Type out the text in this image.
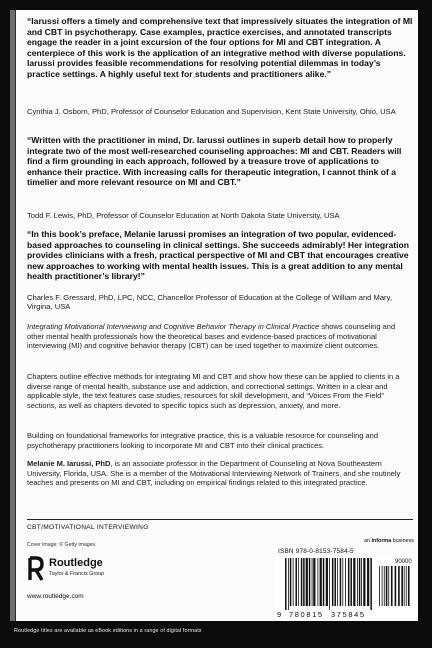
“Iarussi offers a timely and comprehensive text that impressively situates the integration of MI and CBT in psychotherapy. Case examples, practice exercises, and annotated transcripts engage the reader in a joint excursion of the four options for MI and CBT integration. A centerpiece of this work is the application of an integrative method with diverse populations. Iarussi provides feasible recommendations for resolving potential dilemmas in today’s practice settings. A highly useful text for students and practitioners alike.”
Cynthia J. Osborn, PhD, Professor of Counselor Education and Supervision, Kent State University, Ohio, USA
“Written with the practitioner in mind, Dr. Iarussi outlines in superb detail how to properly integrate two of the most well-researched counseling approaches: MI and CBT. Readers will find a firm grounding in each approach, followed by a treasure trove of applications to enhance their practice. With increasing calls for therapeutic integration, I cannot think of a timelier and more relevant resource on MI and CBT.”
Todd F. Lewis, PhD, Professor of Counselor Education at North Dakota State University, USA
“In this book’s preface, Melanie Iarussi promises an integration of two popular, evidenced-based approaches to counseling in clinical settings. She succeeds admirably! Her integration provides clinicians with a fresh, practical perspective of MI and CBT that encourages creative new approaches to working with mental health issues. This is a great addition to any mental health practitioner’s library!”
Charles F. Gressard, PhD, LPC, NCC, Chancellor Professor of Education at the College of William and Mary, Virgina, USA
Integrating Motivational Interviewing and Cognitive Behavior Therapy in Clinical Practice shows counseling and other mental health professionals how the theoretical bases and evidence-based practices of motivational interviewing (MI) and cognitive behavior therapy (CBT) can be used together to maximize client outcomes.
Chapters outline effective methods for integrating MI and CBT and show how these can be applied to clients in a diverse range of mental health, substance use and addiction, and correctional settings. Written in a clear and applicable style, the text features case studies, resources for skill development, and “Voices From the Field” sections, as well as chapters devoted to specific topics such as depression, anxiety, and more.
Building on foundational frameworks for integrative practice, this is a valuable resource for counseling and psychotherapy practitioners looking to incorporate MI and CBT into their clinical practices.
Melanie M. Iarussi, PhD, is an associate professor in the Department of Counseling at Nova Southeastern University, Florida, USA. She is a member of the Motivational Interviewing Network of Trainers, and she routinely teaches and presents on MI and CBT, including on empirical findings related to this integrated practice.
CBT/MOTIVATIONAL INTERVIEWING
Cover image: © Getty images
Routledge
Taylor & Francis Group
www.routledge.com
an informa business
ISBN 978-0-8153-7584-5
9 780815 375845
90000
Routledge titles are available as eBook editions in a range of digital formats
